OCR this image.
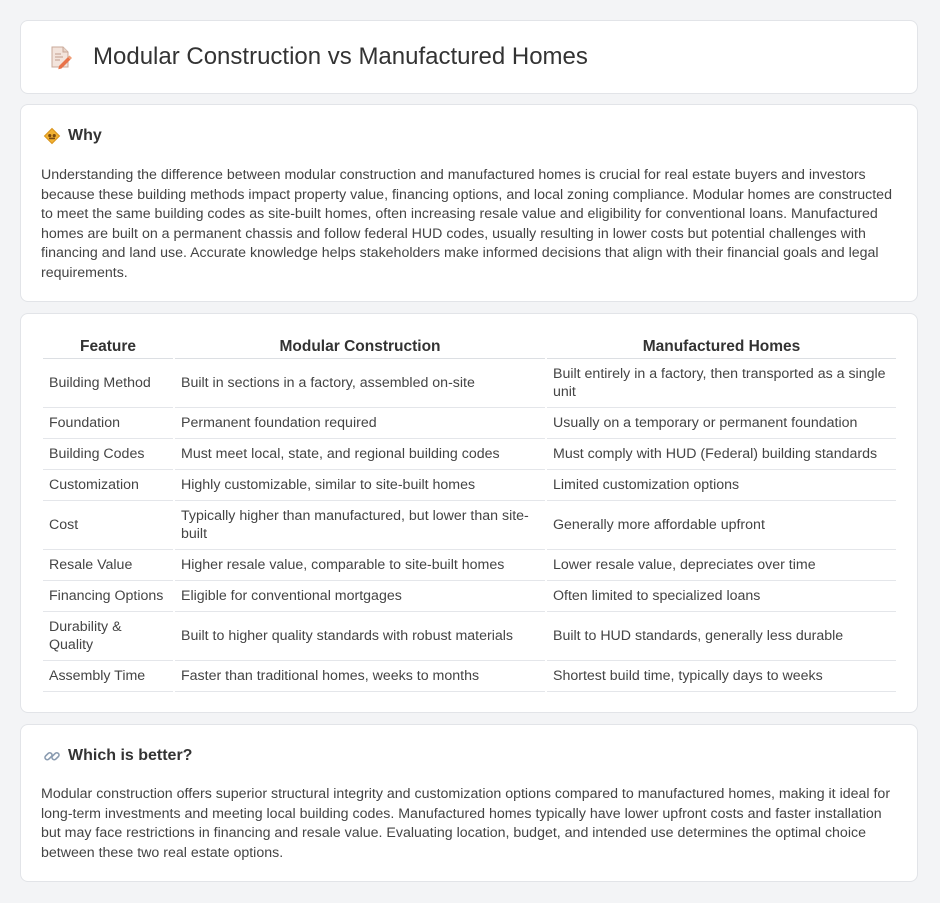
Modular Construction vs Manufactured Homes
Why

Understanding the difference between modular construction and manufactured homes is crucial for real estate buyers and investors because these building methods impact property value, financing options, and local zoning compliance. Modular homes are constructed to meet the same building codes as site-built homes, often increasing resale value and eligibility for conventional loans. Manufactured homes are built on a permanent chassis and follow federal HUD codes, usually resulting in lower costs but potential challenges with financing and land use. Accurate knowledge helps stakeholders make informed decisions that align with their financial goals and legal requirements.

Feature	Modular Construction	Manufactured Homes
Building Method	Built in sections in a factory, assembled on-site	Built entirely in a factory, then transported as a single unit
Foundation	Permanent foundation required	Usually on a temporary or permanent foundation
Building Codes	Must meet local, state, and regional building codes	Must comply with HUD (Federal) building standards
Customization	Highly customizable, similar to site-built homes	Limited customization options
Cost	Typically higher than manufactured, but lower than site-built	Generally more affordable upfront
Resale Value	Higher resale value, comparable to site-built homes	Lower resale value, depreciates over time
Financing Options	Eligible for conventional mortgages	Often limited to specialized loans
Durability & Quality	Built to higher quality standards with robust materials	Built to HUD standards, generally less durable
Assembly Time	Faster than traditional homes, weeks to months	Shortest build time, typically days to weeks
Which is better?

Modular construction offers superior structural integrity and customization options compared to manufactured homes, making it ideal for long-term investments and meeting local building codes. Manufactured homes typically have lower upfront costs and faster installation but may face restrictions in financing and resale value. Evaluating location, budget, and intended use determines the optimal choice between these two real estate options.
